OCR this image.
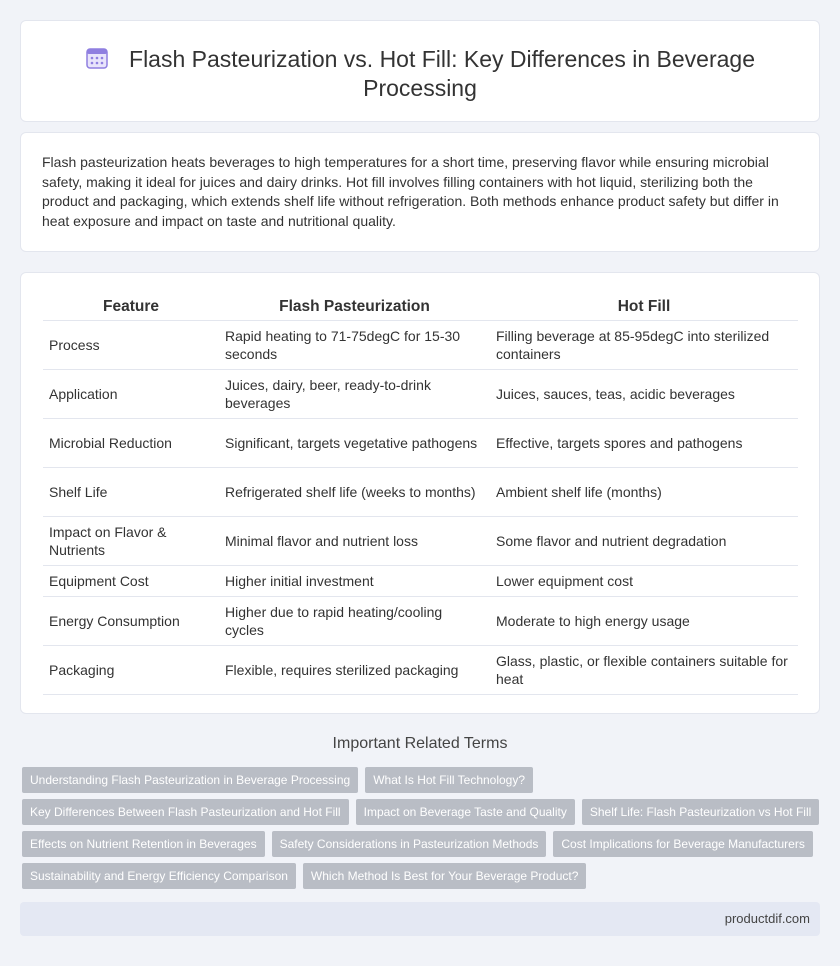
Flash Pasteurization vs. Hot Fill: Key Differences in Beverage Processing

Flash pasteurization heats beverages to high temperatures for a short time, preserving flavor while ensuring microbial safety, making it ideal for juices and dairy drinks. Hot fill involves filling containers with hot liquid, sterilizing both the product and packaging, which extends shelf life without refrigeration. Both methods enhance product safety but differ in heat exposure and impact on taste and nutritional quality.

Feature	Flash Pasteurization	Hot Fill
Process	Rapid heating to 71-75degC for 15-30 seconds	Filling beverage at 85-95degC into sterilized containers
Application	Juices, dairy, beer, ready-to-drink beverages	Juices, sauces, teas, acidic beverages
Microbial Reduction	Significant, targets vegetative pathogens	Effective, targets spores and pathogens
Shelf Life	Refrigerated shelf life (weeks to months)	Ambient shelf life (months)
Impact on Flavor & Nutrients	Minimal flavor and nutrient loss	Some flavor and nutrient degradation
Equipment Cost	Higher initial investment	Lower equipment cost
Energy Consumption	Higher due to rapid heating/cooling cycles	Moderate to high energy usage
Packaging	Flexible, requires sterilized packaging	Glass, plastic, or flexible containers suitable for heat
Important Related Terms
Understanding Flash Pasteurization in Beverage Processing	What Is Hot Fill Technology?
Key Differences Between Flash Pasteurization and Hot Fill	Impact on Beverage Taste and Quality	Shelf Life: Flash Pasteurization vs Hot Fill
Effects on Nutrient Retention in Beverages	Safety Considerations in Pasteurization Methods	Cost Implications for Beverage Manufacturers
Sustainability and Energy Efficiency Comparison	Which Method Is Best for Your Beverage Product?
productdif.com
